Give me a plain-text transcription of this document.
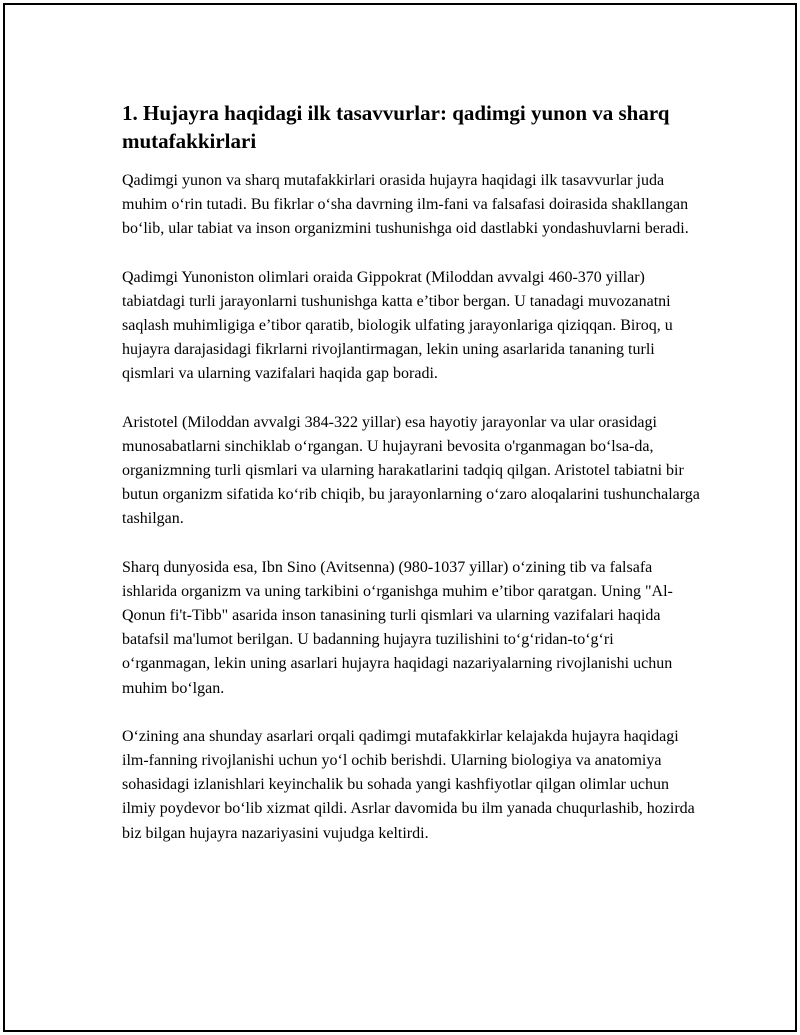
1. Hujayra haqidagi ilk tasavvurlar: qadimgi yunon va sharq mutafakkirlari

Qadimgi yunon va sharq mutafakkirlari orasida hujayra haqidagi ilk tasavvurlar juda muhim o‘rin tutadi. Bu fikrlar o‘sha davrning ilm-fani va falsafasi doirasida shakllangan bo‘lib, ular tabiat va inson organizmini tushunishga oid dastlabki yondashuvlarni beradi.

Qadimgi Yunoniston olimlari oraida Gippokrat (Miloddan avvalgi 460-370 yillar) tabiatdagi turli jarayonlarni tushunishga katta e’tibor bergan. U tanadagi muvozanatni saqlash muhimligiga e’tibor qaratib, biologik ulfating jarayonlariga qiziqqan. Biroq, u hujayra darajasidagi fikrlarni rivojlantirmagan, lekin uning asarlarida tananing turli qismlari va ularning vazifalari haqida gap boradi.

Aristotel (Miloddan avvalgi 384-322 yillar) esa hayotiy jarayonlar va ular orasidagi munosabatlarni sinchiklab o‘rgangan. U hujayrani bevosita o'rganmagan bo‘lsa-da, organizmning turli qismlari va ularning harakatlarini tadqiq qilgan. Aristotel tabiatni bir butun organizm sifatida ko‘rib chiqib, bu jarayonlarning o‘zaro aloqalarini tushunchalarga tashilgan.

Sharq dunyosida esa, Ibn Sino (Avitsenna) (980-1037 yillar) o‘zining tib va falsafa ishlarida organizm va uning tarkibini o‘rganishga muhim e’tibor qaratgan. Uning "Al-Qonun fi't-Tibb" asarida inson tanasining turli qismlari va ularning vazifalari haqida batafsil ma'lumot berilgan. U badanning hujayra tuzilishini to‘g‘ridan-to‘g‘ri o‘rganmagan, lekin uning asarlari hujayra haqidagi nazariyalarning rivojlanishi uchun muhim bo‘lgan.

O‘zining ana shunday asarlari orqali qadimgi mutafakkirlar kelajakda hujayra haqidagi ilm-fanning rivojlanishi uchun yo‘l ochib berishdi. Ularning biologiya va anatomiya sohasidagi izlanishlari keyinchalik bu sohada yangi kashfiyotlar qilgan olimlar uchun ilmiy poydevor bo‘lib xizmat qildi. Asrlar davomida bu ilm yanada chuqurlashib, hozirda biz bilgan hujayra nazariyasini vujudga keltirdi.
